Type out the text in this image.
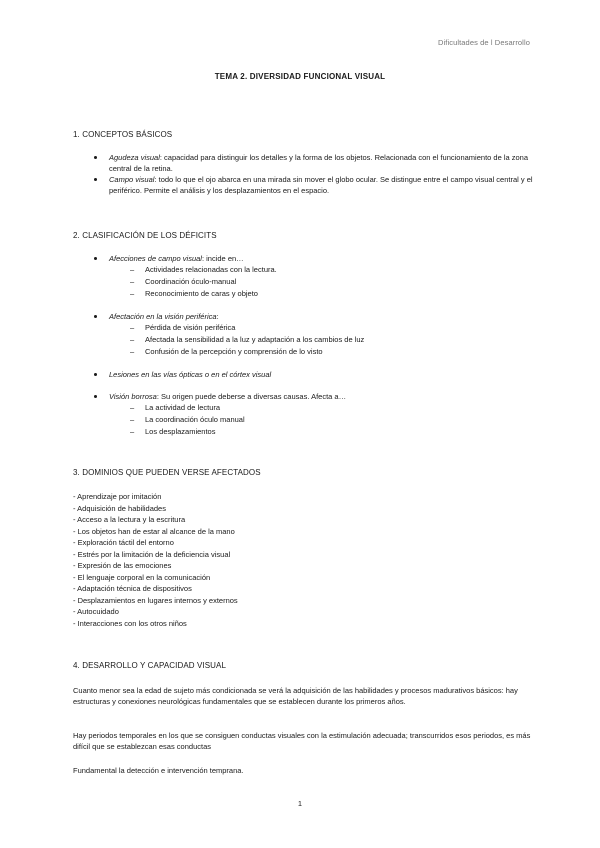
Dificultades de l Desarrollo
TEMA 2. DIVERSIDAD FUNCIONAL VISUAL
1. CONCEPTOS BÁSICOS
Agudeza visual: capacidad para distinguir los detalles y la forma de los objetos. Relacionada con el funcionamiento de la zona central de la retina.
Campo visual: todo lo que el ojo abarca en una mirada sin mover el globo ocular. Se distingue entre el campo visual central y el periférico. Permite el análisis y los desplazamientos en el espacio.
2. CLASIFICACIÓN DE LOS DÉFICITS
Afecciones de campo visual: incide en…
– Actividades relacionadas con la lectura.
– Coordinación óculo-manual
– Reconocimiento de caras y objeto
Afectación en la visión periférica:
– Pérdida de visión periférica
– Afectada la sensibilidad a la luz y adaptación a los cambios de luz
– Confusión de la percepción y comprensión de lo visto
Lesiones en las vías ópticas o en el córtex visual
Visión borrosa: Su origen puede deberse a diversas causas. Afecta a…
– La actividad de lectura
– La coordinación óculo manual
– Los desplazamientos
3. DOMINIOS QUE PUEDEN VERSE AFECTADOS
- Aprendizaje por imitación
- Adquisición de habilidades
- Acceso a la lectura y la escritura
- Los objetos han de estar al alcance de la mano
- Exploración táctil del entorno
- Estrés por la limitación de la deficiencia visual
- Expresión de las emociones
- El lenguaje corporal en la comunicación
- Adaptación técnica de dispositivos
- Desplazamientos en lugares internos y externos
- Autocuidado
- Interacciones con los otros niños
4. DESARROLLO Y CAPACIDAD VISUAL

Cuanto menor sea la edad de sujeto más condicionada se verá la adquisición de las habilidades y procesos madurativos básicos: hay estructuras y conexiones neurológicas fundamentales que se establecen durante los primeros años.

Hay periodos temporales en los que se consiguen conductas visuales con la estimulación adecuada; transcurridos esos periodos, es más difícil que se establezcan esas conductas

Fundamental la detección e intervención temprana.

1
